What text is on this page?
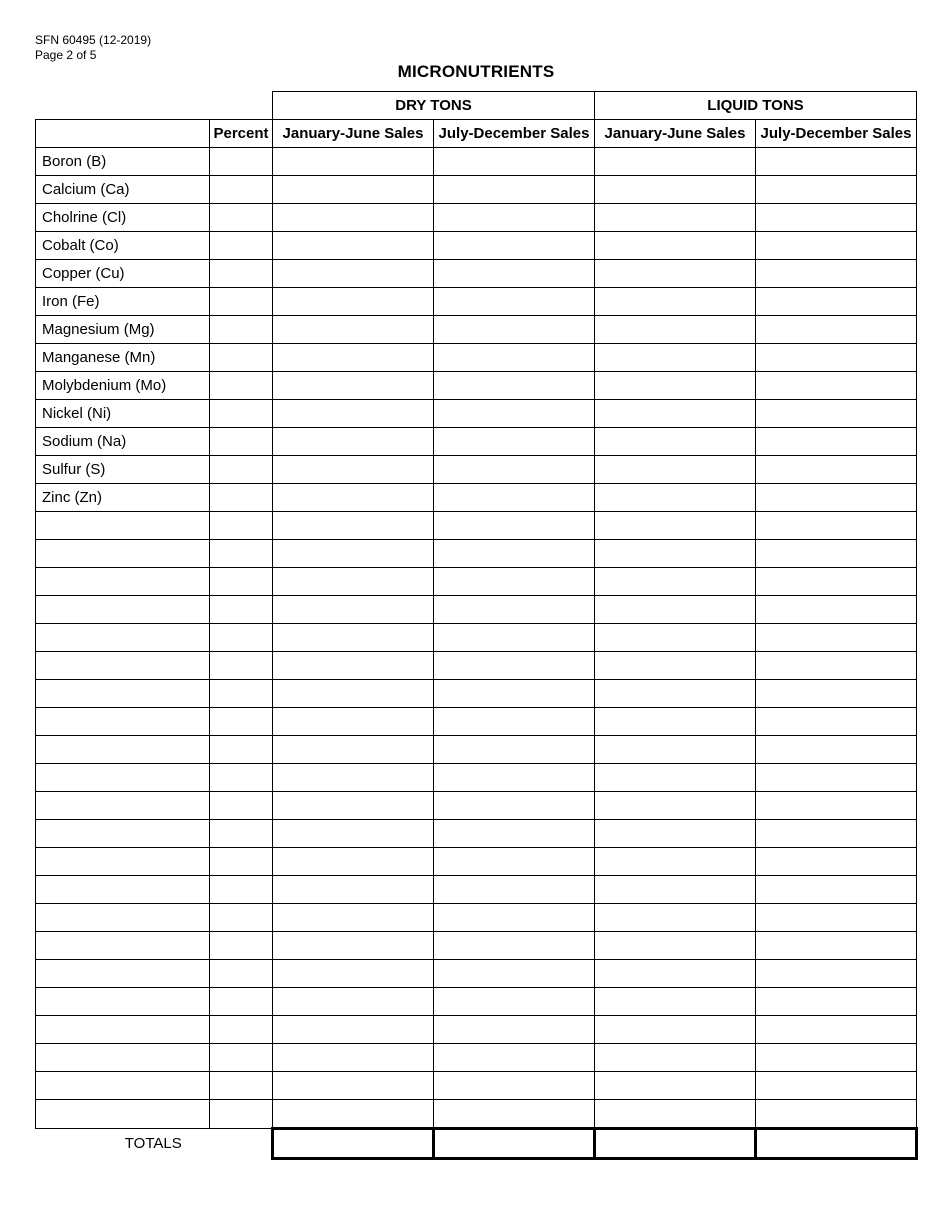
SFN 60495 (12-2019)
Page 2 of 5
MICRONUTRIENTS
		DRY TONS		LIQUID TONS	
	Percent	January-June Sales	July-December Sales	January-June Sales	July-December Sales
Boron (B)	

Calcium (Ca)	

Cholrine (Cl)	

Cobalt (Co)	

Copper (Cu)	

Iron (Fe)	

Magnesium (Mg)	

Manganese (Mn)	

Molybdenium (Mo)	

Nickel (Ni)	

Sodium (Na)	

Sulfur (S)	

Zinc (Zn)	

TOTALS		
